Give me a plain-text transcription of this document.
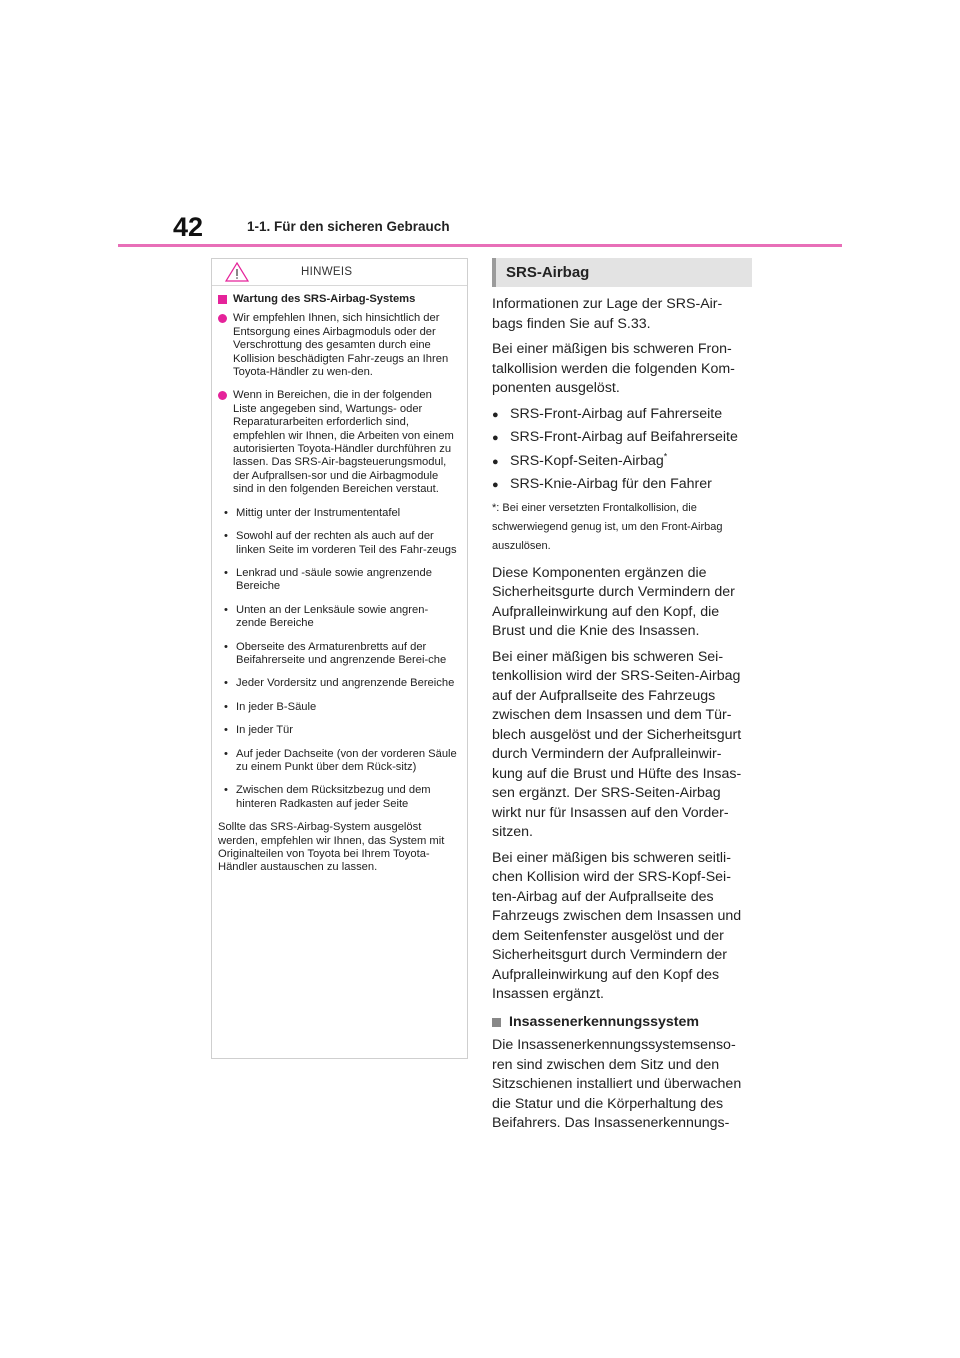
42	1-1. Für den sicheren Gebrauch
HINWEIS
Wartung des SRS-Airbag-Systems
Wir empfehlen Ihnen, sich hinsichtlich der Entsorgung eines Airbagmoduls oder der Verschrottung des gesamten durch eine Kollision beschädigten Fahr-zeugs an Ihren Toyota-Händler zu wen-den.
Wenn in Bereichen, die in der folgenden Liste angegeben sind, Wartungs- oder Reparaturarbeiten erforderlich sind, empfehlen wir Ihnen, die Arbeiten von einem autorisierten Toyota-Händler durchführen zu lassen. Das SRS-Air-bagsteuerungsmodul, der Aufprallsen-sor und die Airbagmodule sind in den folgenden Bereichen verstaut.
• Mittig unter der Instrumententafel
• Sowohl auf der rechten als auch auf der linken Seite im vorderen Teil des Fahr-zeugs
• Lenkrad und -säule sowie angrenzende Bereiche
• Unten an der Lenksäule sowie angren-zende Bereiche
• Oberseite des Armaturenbretts auf der Beifahrerseite und angrenzende Berei-che
• Jeder Vordersitz und angrenzende Bereiche
• In jeder B-Säule
• In jeder Tür
• Auf jeder Dachseite (von der vorderen Säule zu einem Punkt über dem Rück-sitz)
• Zwischen dem Rücksitzbezug und dem hinteren Radkasten auf jeder Seite
Sollte das SRS-Airbag-System ausgelöst werden, empfehlen wir Ihnen, das System mit Originalteilen von Toyota bei Ihrem Toyota-Händler austauschen zu lassen.
SRS-Airbag

Informationen zur Lage der SRS-Air-bags finden Sie auf S.33.

Bei einer mäßigen bis schweren Fron-talkollision werden die folgenden Kom-ponenten ausgelöst.

● SRS-Front-Airbag auf Fahrerseite
● SRS-Front-Airbag auf Beifahrerseite
● SRS-Kopf-Seiten-Airbag*
● SRS-Knie-Airbag für den Fahrer
*: Bei einer versetzten Frontalkollision, die schwerwiegend genug ist, um den Front-Airbag auszulösen.

Diese Komponenten ergänzen die Sicherheitsgurte durch Vermindern der Aufpralleinwirkung auf den Kopf, die Brust und die Knie des Insassen.

Bei einer mäßigen bis schweren Sei-tenkollision wird der SRS-Seiten-Airbag auf der Aufprallseite des Fahrzeugs zwischen dem Insassen und dem Tür-blech ausgelöst und der Sicherheitsgurt durch Vermindern der Aufpralleinwir-kung auf die Brust und Hüfte des Insas-sen ergänzt. Der SRS-Seiten-Airbag wirkt nur für Insassen auf den Vorder-sitzen.

Bei einer mäßigen bis schweren seitli-chen Kollision wird der SRS-Kopf-Sei-ten-Airbag auf der Aufprallseite des Fahrzeugs zwischen dem Insassen und dem Seitenfenster ausgelöst und der Sicherheitsgurt durch Vermindern der Aufpralleinwirkung auf den Kopf des Insassen ergänzt.

Insassenerkennungssystem

Die Insassenerkennungssystemsenso-ren sind zwischen dem Sitz und den Sitzschienen installiert und überwachen die Statur und die Körperhaltung des Beifahrers. Das Insassenerkennungs-
